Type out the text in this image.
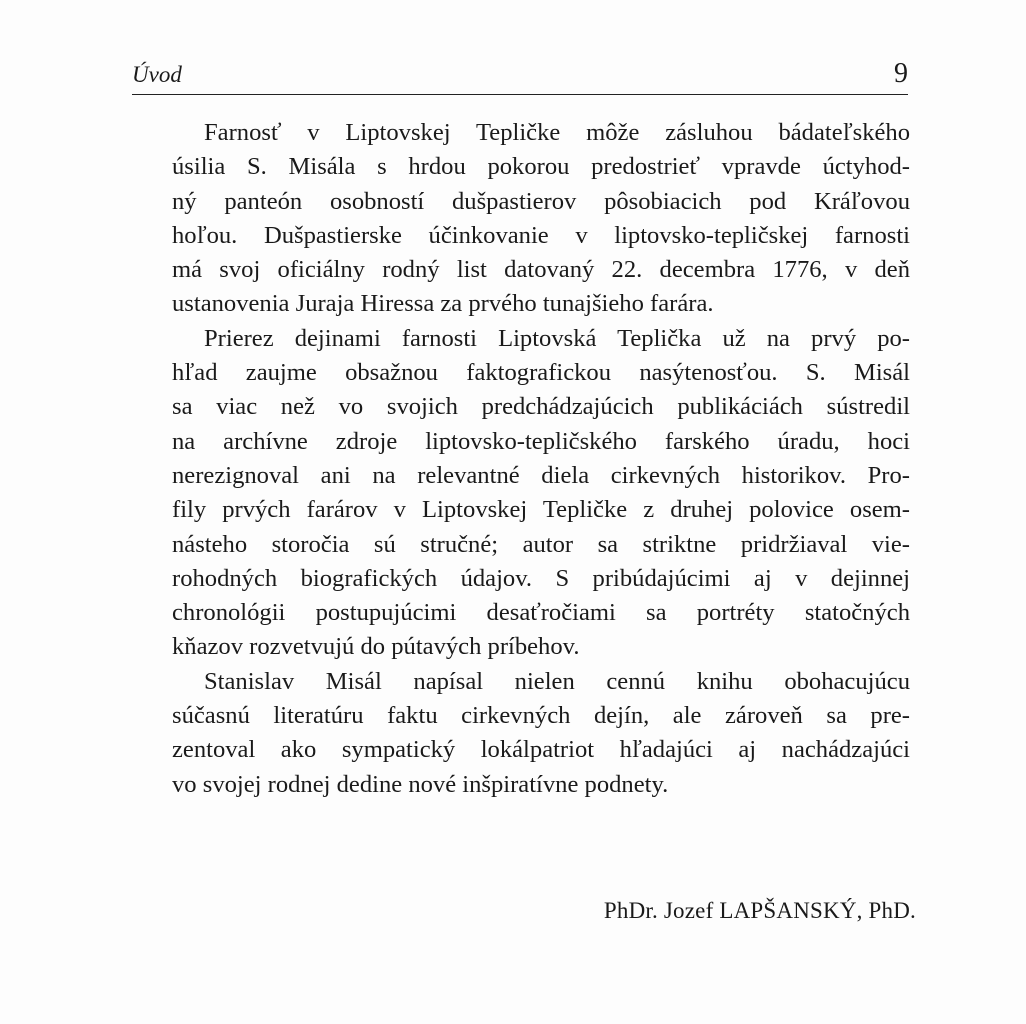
Úvod	9
Farnosť v Liptovskej Tepličke môže zásluhou bádateľského
úsilia S. Misála s hrdou pokorou predostrieť vpravde úctyhod-
ný panteón osobností dušpastierov pôsobiacich pod Kráľovou
hoľou. Dušpastierske účinkovanie v liptovsko-tepličskej farnosti
má svoj oficiálny rodný list datovaný 22. decembra 1776, v deň
ustanovenia Juraja Hiressa za prvého tunajšieho farára.
Prierez dejinami farnosti Liptovská Teplička už na prvý po-
hľad zaujme obsažnou faktografickou nasýtenosťou. S. Misál
sa viac než vo svojich predchádzajúcich publikáciách sústredil
na archívne zdroje liptovsko-tepličského farského úradu, hoci
nerezignoval ani na relevantné diela cirkevných historikov. Pro-
fily prvých farárov v Liptovskej Tepličke z druhej polovice osem-
násteho storočia sú stručné; autor sa striktne pridržiaval vie-
rohodných biografických údajov. S pribúdajúcimi aj v dejinnej
chronológii postupujúcimi desaťročiami sa portréty statočných
kňazov rozvetvujú do pútavých príbehov.
Stanislav Misál napísal nielen cennú knihu obohacujúcu
súčasnú literatúru faktu cirkevných dejín, ale zároveň sa pre-
zentoval ako sympatický lokálpatriot hľadajúci aj nachádzajúci
vo svojej rodnej dedine nové inšpiratívne podnety.
PhDr. Jozef LAPŠANSKÝ, PhD.
